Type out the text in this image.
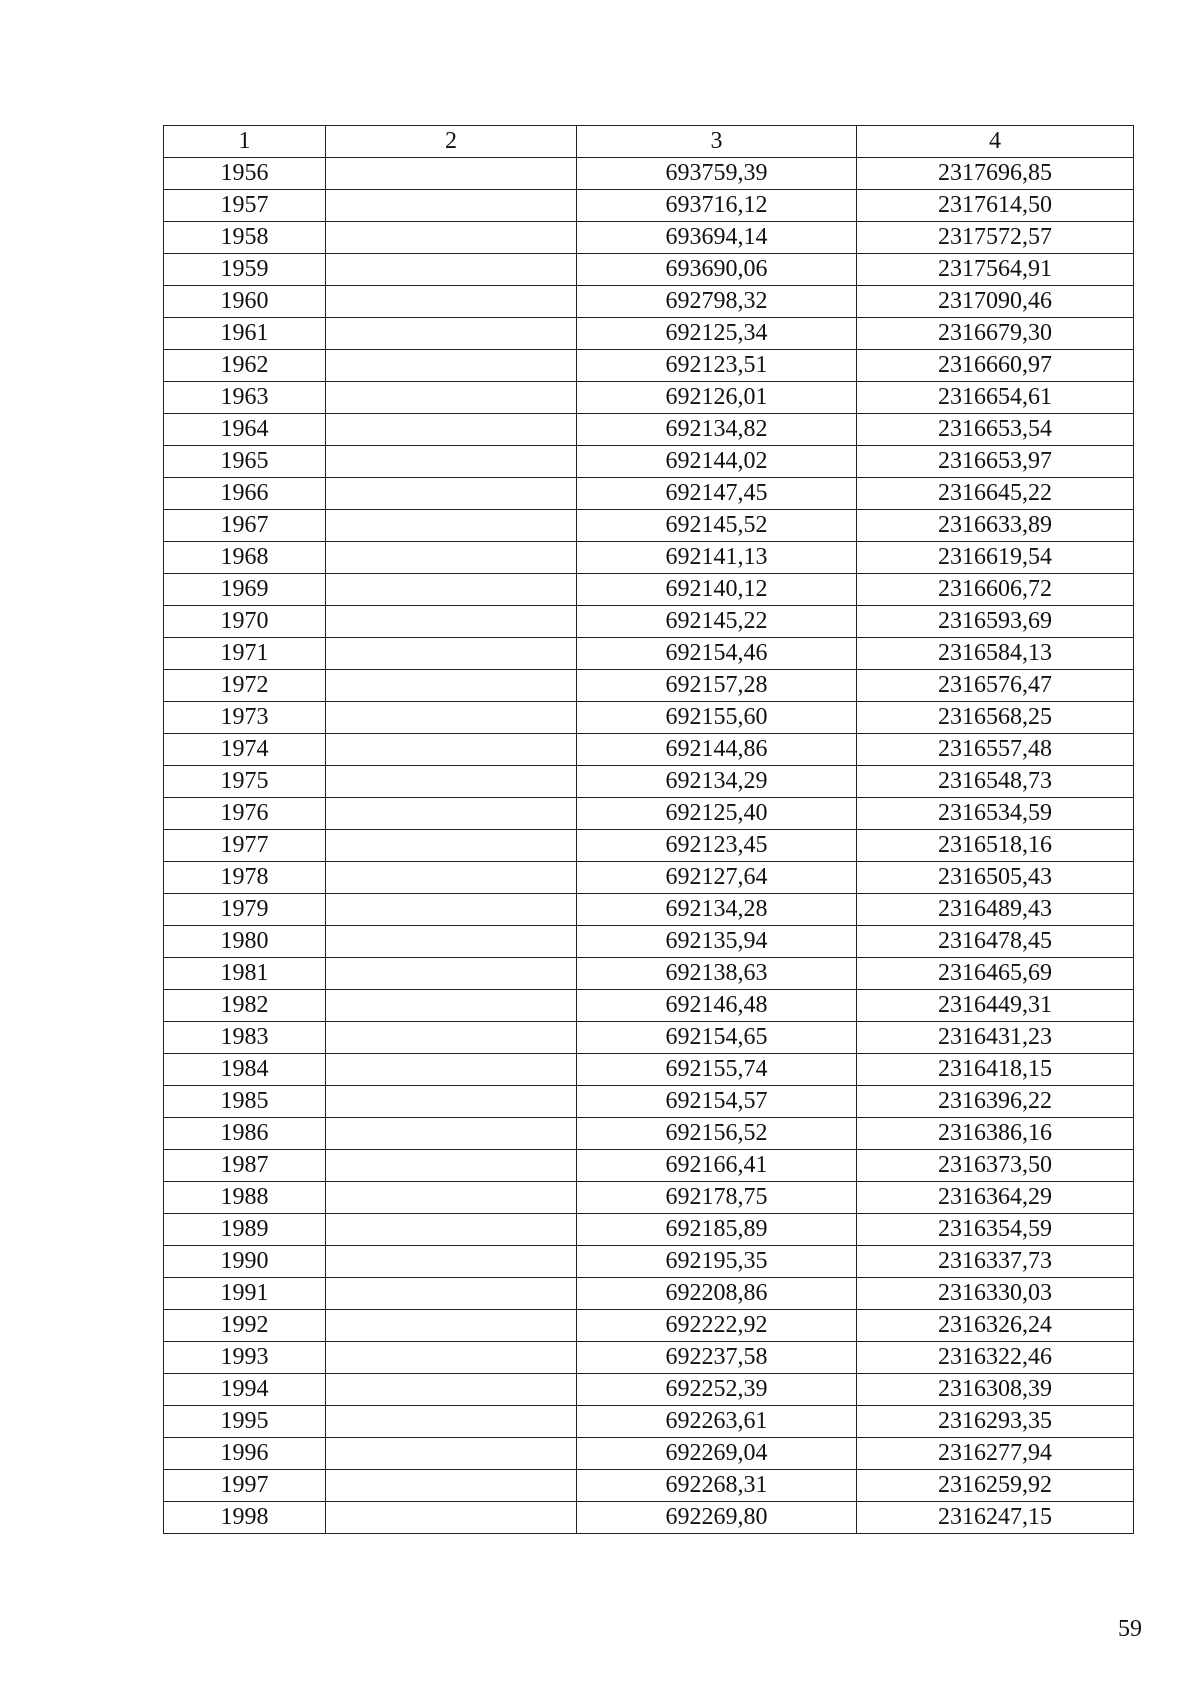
1	2	3	4
1956		693759,39	2317696,85
1957		693716,12	2317614,50
1958		693694,14	2317572,57
1959		693690,06	2317564,91
1960		692798,32	2317090,46
1961		692125,34	2316679,30
1962		692123,51	2316660,97
1963		692126,01	2316654,61
1964		692134,82	2316653,54
1965		692144,02	2316653,97
1966		692147,45	2316645,22
1967		692145,52	2316633,89
1968		692141,13	2316619,54
1969		692140,12	2316606,72
1970		692145,22	2316593,69
1971		692154,46	2316584,13
1972		692157,28	2316576,47
1973		692155,60	2316568,25
1974		692144,86	2316557,48
1975		692134,29	2316548,73
1976		692125,40	2316534,59
1977		692123,45	2316518,16
1978		692127,64	2316505,43
1979		692134,28	2316489,43
1980		692135,94	2316478,45
1981		692138,63	2316465,69
1982		692146,48	2316449,31
1983		692154,65	2316431,23
1984		692155,74	2316418,15
1985		692154,57	2316396,22
1986		692156,52	2316386,16
1987		692166,41	2316373,50
1988		692178,75	2316364,29
1989		692185,89	2316354,59
1990		692195,35	2316337,73
1991		692208,86	2316330,03
1992		692222,92	2316326,24
1993		692237,58	2316322,46
1994		692252,39	2316308,39
1995		692263,61	2316293,35
1996		692269,04	2316277,94
1997		692268,31	2316259,92
1998		692269,80	2316247,15
59
